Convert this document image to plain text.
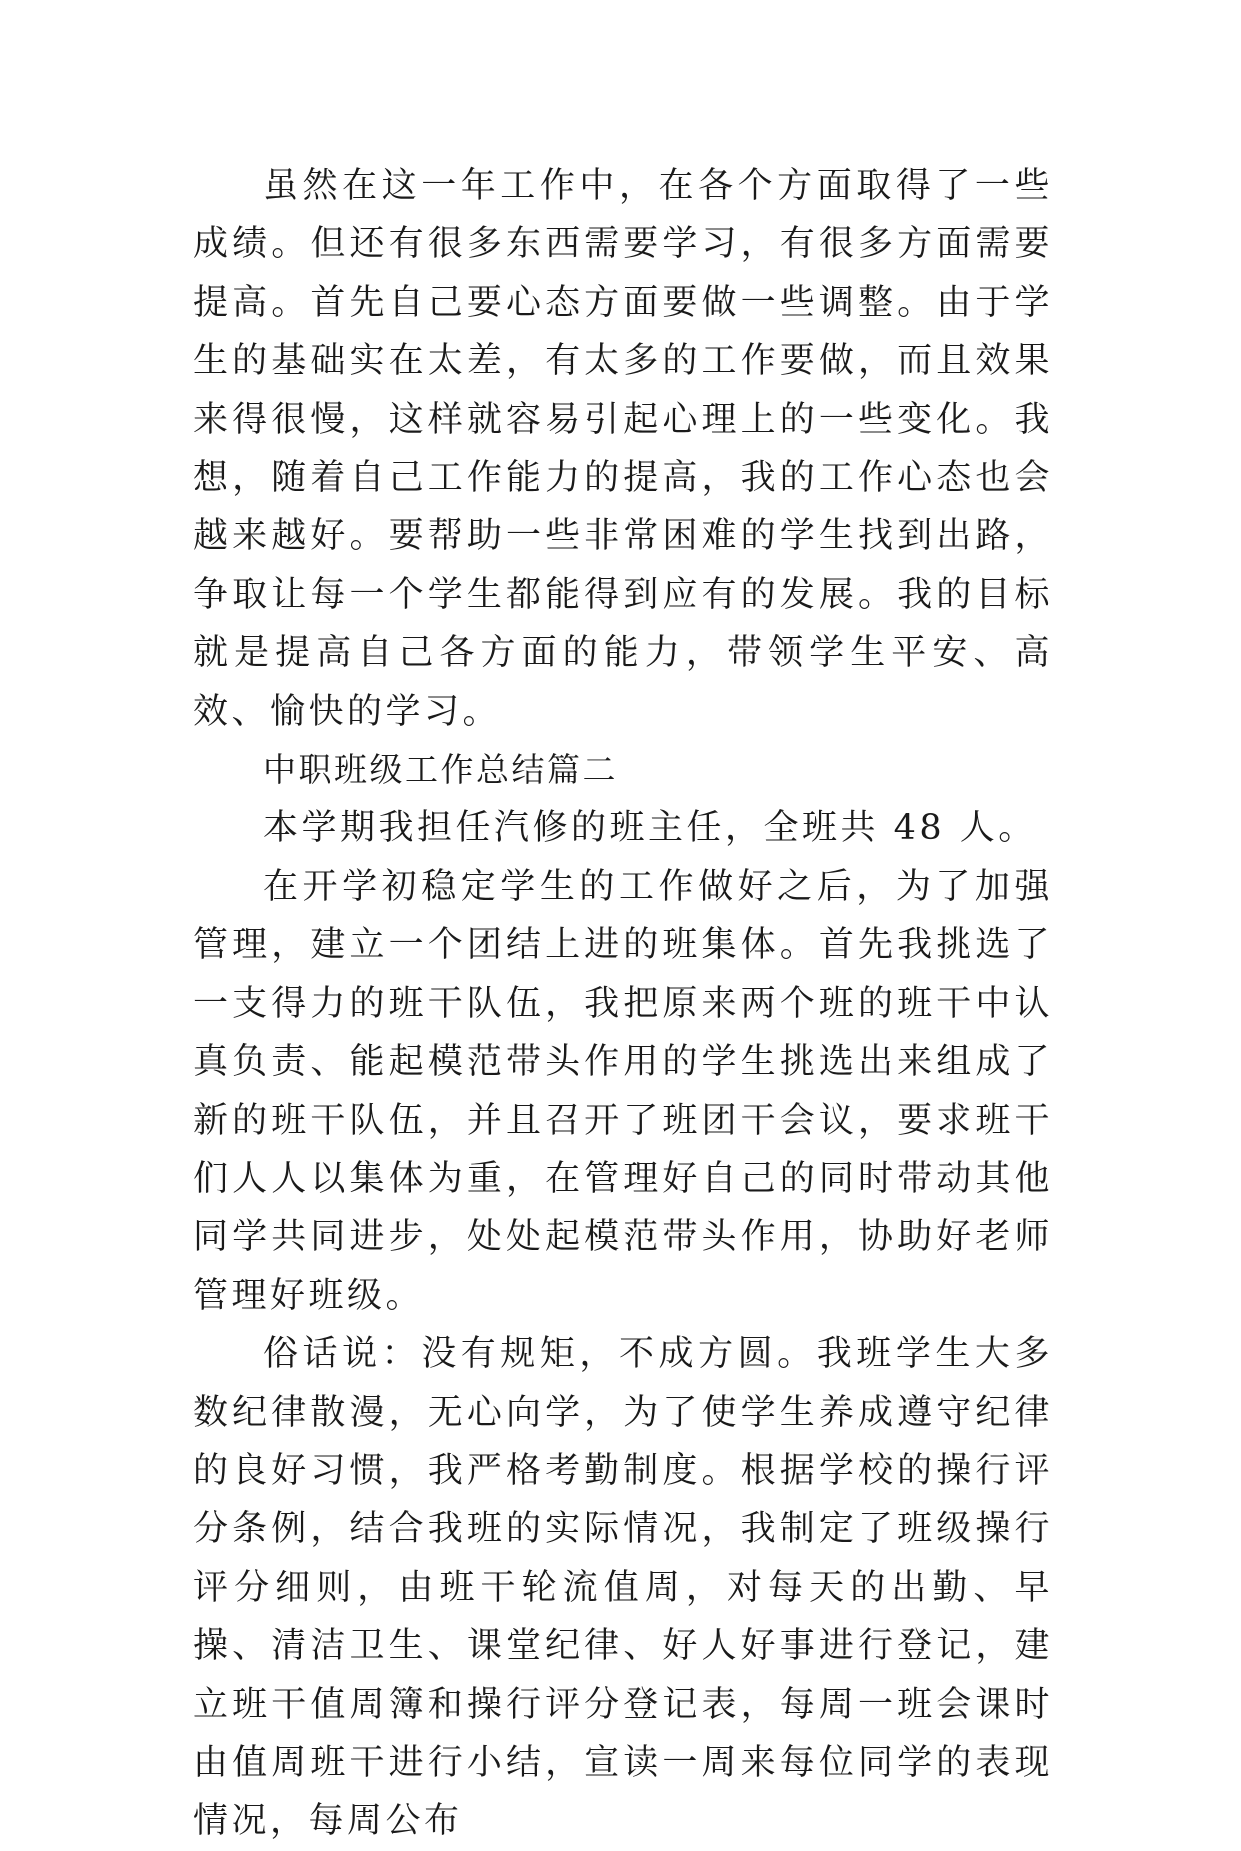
虽然在这一年工作中，在各个方面取得了一些成绩。但还有很多东西需要学习，有很多方面需要提高。首先自己要心态方面要做一些调整。由于学生的基础实在太差，有太多的工作要做，而且效果来得很慢，这样就容易引起心理上的一些变化。我想，随着自己工作能力的提高，我的工作心态也会越来越好。要帮助一些非常困难的学生找到出路，争取让每一个学生都能得到应有的发展。我的目标就是提高自己各方面的能力，带领学生平安、高效、愉快的学习。

中职班级工作总结篇二

本学期我担任汽修的班主任，全班共 48 人。

在开学初稳定学生的工作做好之后，为了加强管理，建立一个团结上进的班集体。首先我挑选了一支得力的班干队伍，我把原来两个班的班干中认真负责、能起模范带头作用的学生挑选出来组成了新的班干队伍，并且召开了班团干会议，要求班干们人人以集体为重，在管理好自己的同时带动其他同学共同进步，处处起模范带头作用，协助好老师管理好班级。

俗话说：没有规矩，不成方圆。我班学生大多数纪律散漫，无心向学，为了使学生养成遵守纪律的良好习惯，我严格考勤制度。根据学校的操行评分条例，结合我班的实际情况，我制定了班级操行评分细则，由班干轮流值周，对每天的出勤、早操、清洁卫生、课堂纪律、好人好事进行登记，建立班干值周簿和操行评分登记表，每周一班会课时由值周班干进行小结，宣读一周来每位同学的表现情况，每周公布
